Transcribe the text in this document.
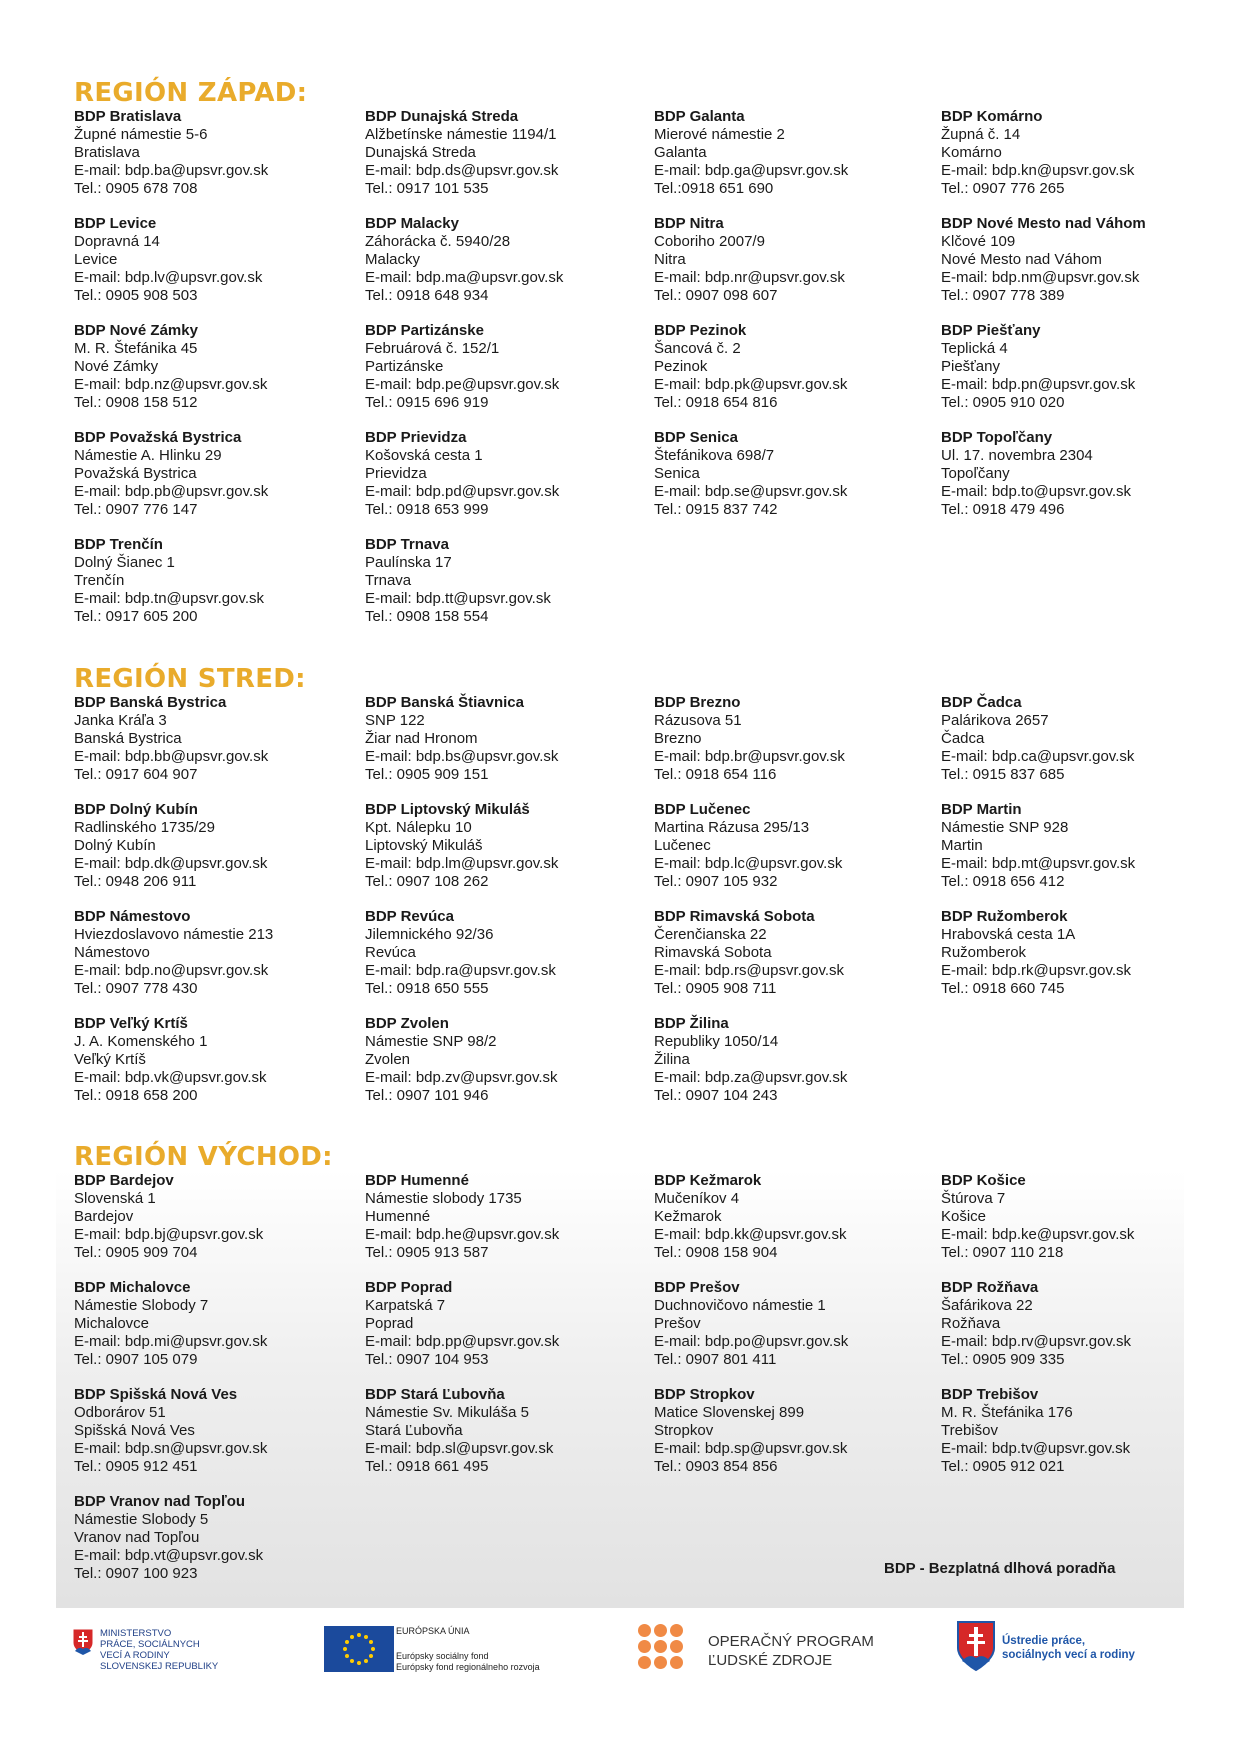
REGIÓN ZÁPAD:
BDP Bratislava
Župné námestie 5-6
Bratislava
E-mail: bdp.ba@upsvr.gov.sk
Tel.: 0905 678 708
BDP Dunajská Streda
Alžbetínske námestie 1194/1
Dunajská Streda
E-mail: bdp.ds@upsvr.gov.sk
Tel.: 0917 101 535
BDP Galanta
Mierové námestie 2
Galanta
E-mail: bdp.ga@upsvr.gov.sk
Tel.:0918 651 690
BDP Komárno
Župná č. 14
Komárno
E-mail: bdp.kn@upsvr.gov.sk
Tel.: 0907 776 265
BDP Levice
Dopravná 14
Levice
E-mail: bdp.lv@upsvr.gov.sk
Tel.: 0905 908 503
BDP Malacky
Záhorácka č. 5940/28
Malacky
E-mail: bdp.ma@upsvr.gov.sk
Tel.: 0918 648 934
BDP Nitra
Coboriho 2007/9
Nitra
E-mail: bdp.nr@upsvr.gov.sk
Tel.: 0907 098 607
BDP Nové Mesto nad Váhom
Klčové 109
Nové Mesto nad Váhom
E-mail: bdp.nm@upsvr.gov.sk
Tel.: 0907 778 389
BDP Nové Zámky
M. R. Štefánika 45
Nové Zámky
E-mail: bdp.nz@upsvr.gov.sk
Tel.: 0908 158 512
BDP Partizánske
Februárová č. 152/1
Partizánske
E-mail: bdp.pe@upsvr.gov.sk
Tel.: 0915 696 919
BDP Pezinok
Šancová č. 2
Pezinok
E-mail: bdp.pk@upsvr.gov.sk
Tel.: 0918 654 816
BDP Piešťany
Teplická 4
Piešťany
E-mail: bdp.pn@upsvr.gov.sk
Tel.: 0905 910 020
BDP Považská Bystrica
Námestie A. Hlinku 29
Považská Bystrica
E-mail: bdp.pb@upsvr.gov.sk
Tel.: 0907 776 147
BDP Prievidza
Košovská cesta 1
Prievidza
E-mail: bdp.pd@upsvr.gov.sk
Tel.: 0918 653 999
BDP Senica
Štefánikova 698/7
Senica
E-mail: bdp.se@upsvr.gov.sk
Tel.: 0915 837 742
BDP Topoľčany
Ul. 17. novembra 2304
Topoľčany
E-mail: bdp.to@upsvr.gov.sk
Tel.: 0918 479 496
BDP Trenčín
Dolný Šianec 1
Trenčín
E-mail: bdp.tn@upsvr.gov.sk
Tel.: 0917 605 200
BDP Trnava
Paulínska 17
Trnava
E-mail: bdp.tt@upsvr.gov.sk
Tel.: 0908 158 554
REGIÓN STRED:
BDP Banská Bystrica
Janka Kráľa 3
Banská Bystrica
E-mail: bdp.bb@upsvr.gov.sk
Tel.: 0917 604 907
BDP Banská Štiavnica
SNP 122
Žiar nad Hronom
E-mail: bdp.bs@upsvr.gov.sk
Tel.: 0905 909 151
BDP Brezno
Rázusova 51
Brezno
E-mail: bdp.br@upsvr.gov.sk
Tel.: 0918 654 116
BDP Čadca
Palárikova 2657
Čadca
E-mail: bdp.ca@upsvr.gov.sk
Tel.: 0915 837 685
BDP Dolný Kubín
Radlinského 1735/29
Dolný Kubín
E-mail: bdp.dk@upsvr.gov.sk
Tel.: 0948 206 911
BDP Liptovský Mikuláš
Kpt. Nálepku 10
Liptovský Mikuláš
E-mail: bdp.lm@upsvr.gov.sk
Tel.: 0907 108 262
BDP Lučenec
Martina Rázusa 295/13
Lučenec
E-mail: bdp.lc@upsvr.gov.sk
Tel.: 0907 105 932
BDP Martin
Námestie SNP 928
Martin
E-mail: bdp.mt@upsvr.gov.sk
Tel.: 0918 656 412
BDP Námestovo
Hviezdoslavovo námestie 213
Námestovo
E-mail: bdp.no@upsvr.gov.sk
Tel.: 0907 778 430
BDP Revúca
Jilemnického 92/36
Revúca
E-mail: bdp.ra@upsvr.gov.sk
Tel.: 0918 650 555
BDP Rimavská Sobota
Čerenčianska 22
Rimavská Sobota
E-mail: bdp.rs@upsvr.gov.sk
Tel.: 0905 908 711
BDP Ružomberok
Hrabovská cesta 1A
Ružomberok
E-mail: bdp.rk@upsvr.gov.sk
Tel.: 0918 660 745
BDP Veľký Krtíš
J. A. Komenského 1
Veľký Krtíš
E-mail: bdp.vk@upsvr.gov.sk
Tel.: 0918 658 200
BDP Zvolen
Námestie SNP 98/2
Zvolen
E-mail: bdp.zv@upsvr.gov.sk
Tel.: 0907 101 946
BDP Žilina
Republiky 1050/14
Žilina
E-mail: bdp.za@upsvr.gov.sk
Tel.: 0907 104 243
REGIÓN VÝCHOD:
BDP Bardejov
Slovenská 1
Bardejov
E-mail: bdp.bj@upsvr.gov.sk
Tel.: 0905 909 704
BDP Humenné
Námestie slobody 1735
Humenné
E-mail: bdp.he@upsvr.gov.sk
Tel.: 0905 913 587
BDP Kežmarok
Mučeníkov 4
Kežmarok
E-mail: bdp.kk@upsvr.gov.sk
Tel.: 0908 158 904
BDP Košice
Štúrova 7
Košice
E-mail: bdp.ke@upsvr.gov.sk
Tel.: 0907 110 218
BDP Michalovce
Námestie Slobody 7
Michalovce
E-mail: bdp.mi@upsvr.gov.sk
Tel.: 0907 105 079
BDP Poprad
Karpatská 7
Poprad
E-mail: bdp.pp@upsvr.gov.sk
Tel.: 0907 104 953
BDP Prešov
Duchnovičovo námestie 1
Prešov
E-mail: bdp.po@upsvr.gov.sk
Tel.: 0907 801 411
BDP Rožňava
Šafárikova 22
Rožňava
E-mail: bdp.rv@upsvr.gov.sk
Tel.: 0905 909 335
BDP Spišská Nová Ves
Odborárov 51
Spišská Nová Ves
E-mail: bdp.sn@upsvr.gov.sk
Tel.: 0905 912 451
BDP Stará Ľubovňa
Námestie Sv. Mikuláša 5
Stará Ľubovňa
E-mail: bdp.sl@upsvr.gov.sk
Tel.: 0918 661 495
BDP Stropkov
Matice Slovenskej 899
Stropkov
E-mail: bdp.sp@upsvr.gov.sk
Tel.: 0903 854 856
BDP Trebišov
M. R. Štefánika 176
Trebišov
E-mail: bdp.tv@upsvr.gov.sk
Tel.: 0905 912 021
BDP Vranov nad Topľou
Námestie Slobody 5
Vranov nad Topľou
E-mail: bdp.vt@upsvr.gov.sk
Tel.: 0907 100 923	BDP - Bezplatná dlhová poradňa
MINISTERSTVO
PRÁCE, SOCIÁLNYCH
VECÍ A RODINY
SLOVENSKEJ REPUBLIKY
EURÓPSKA ÚNIA
Európsky sociálny fond
Európsky fond regionálneho rozvoja
OPERAČNÝ PROGRAM
ĽUDSKÉ ZDROJE
Ústredie práce,
sociálnych vecí a rodiny
